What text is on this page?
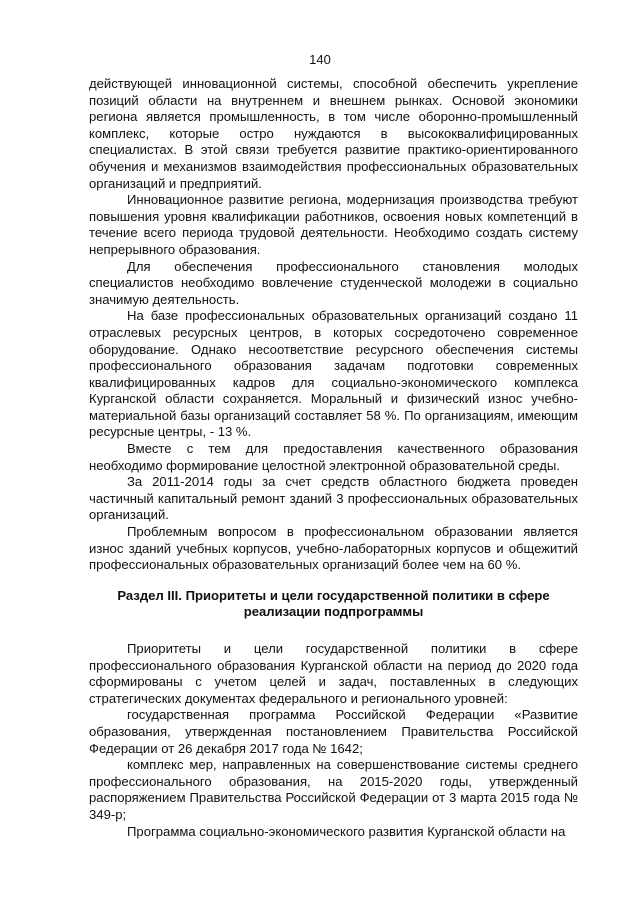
140

действующей инновационной системы, способной обеспечить укрепление позиций области на внутреннем и внешнем рынках. Основой экономики региона является промышленность, в том числе оборонно-промышленный комплекс, которые остро нуждаются в высококвалифицированных специалистах. В этой связи требуется развитие практико-ориентированного обучения и механизмов взаимодействия профессиональных образовательных организаций и предприятий.

Инновационное развитие региона, модернизация производства требуют повышения уровня квалификации работников, освоения новых компетенций в течение всего периода трудовой деятельности. Необходимо создать систему непрерывного образования.

Для обеспечения профессионального становления молодых специалистов необходимо вовлечение студенческой молодежи в социально значимую деятельность.

На базе профессиональных образовательных организаций создано 11 отраслевых ресурсных центров, в которых сосредоточено современное оборудование. Однако несоответствие ресурсного обеспечения системы профессионального образования задачам подготовки современных квалифицированных кадров для социально-экономического комплекса Курганской области сохраняется. Моральный и физический износ учебно-материальной базы организаций составляет 58 %. По организациям, имеющим ресурсные центры, - 13 %.

Вместе с тем для предоставления качественного образования необходимо формирование целостной электронной образовательной среды.

За 2011-2014 годы за счет средств областного бюджета проведен частичный капитальный ремонт зданий 3 профессиональных образовательных организаций.

Проблемным вопросом в профессиональном образовании является износ зданий учебных корпусов, учебно-лабораторных корпусов и общежитий профессиональных образовательных организаций более чем на 60 %.

Раздел III. Приоритеты и цели государственной политики в сфере реализации подпрограммы

Приоритеты и цели государственной политики в сфере профессионального образования Курганской области на период до 2020 года сформированы с учетом целей и задач, поставленных в следующих стратегических документах федерального и регионального уровней:

государственная программа Российской Федерации «Развитие образования, утвержденная постановлением Правительства Российской Федерации от 26 декабря 2017 года № 1642;

комплекс мер, направленных на совершенствование системы среднего профессионального образования, на 2015-2020 годы, утвержденный распоряжением Правительства Российской Федерации от 3 марта 2015 года № 349-р;

Программа социально-экономического развития Курганской области на
